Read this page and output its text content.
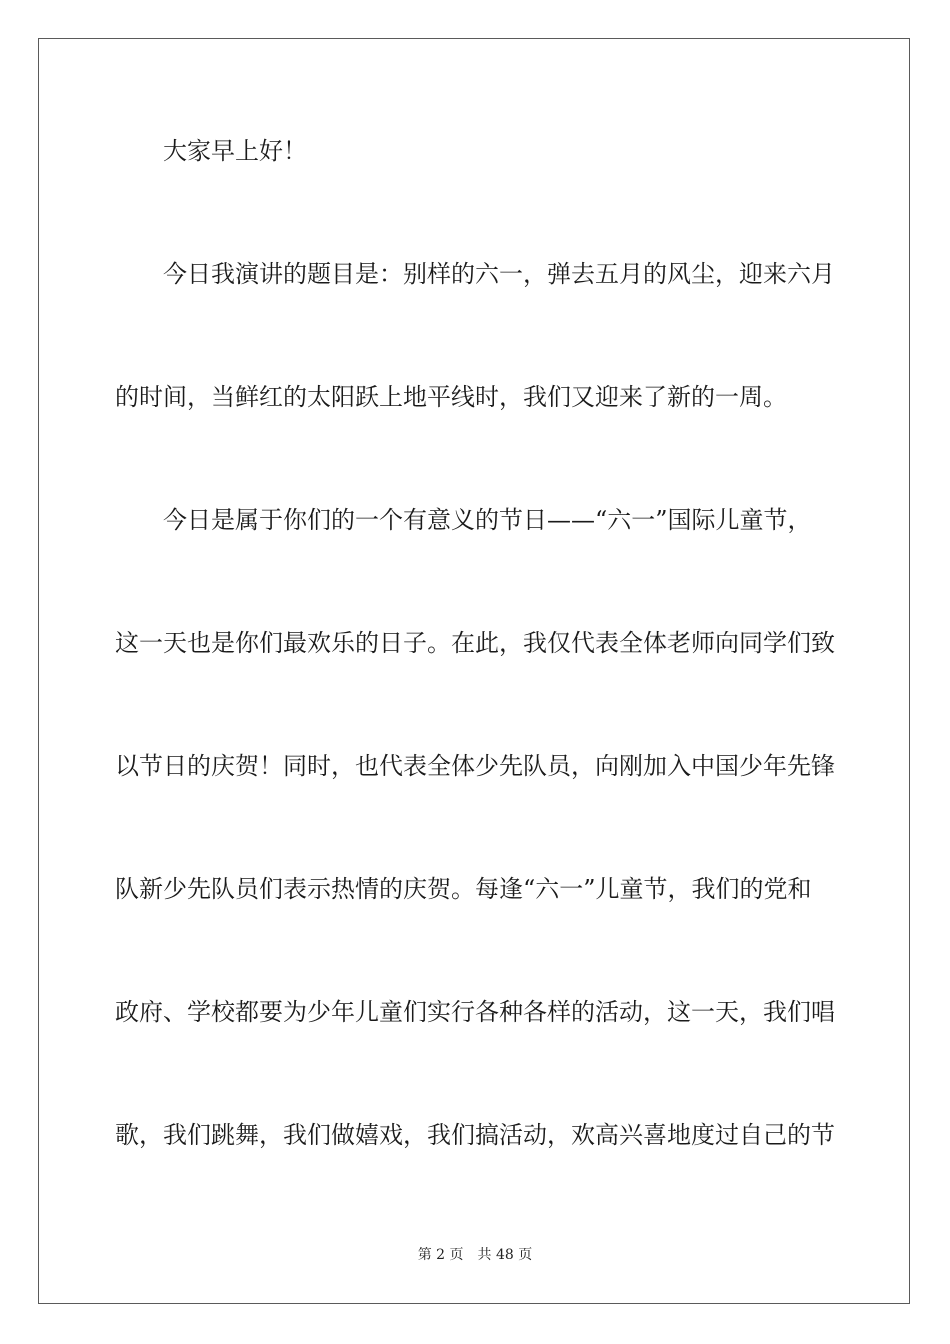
大家早上好！
今日我演讲的题目是：别样的六一，弹去五月的风尘，迎来六月
的时间，当鲜红的太阳跃上地平线时，我们又迎来了新的一周。
今日是属于你们的一个有意义的节日——“六一”国际儿童节，
这一天也是你们最欢乐的日子。在此，我仅代表全体老师向同学们致
以节日的庆贺！同时，也代表全体少先队员，向刚加入中国少年先锋
队新少先队员们表示热情的庆贺。每逢“六一”儿童节，我们的党和
政府、学校都要为少年儿童们实行各种各样的活动，这一天，我们唱
歌，我们跳舞，我们做嬉戏，我们搞活动，欢高兴喜地度过自己的节
第 2 页　共 48 页
